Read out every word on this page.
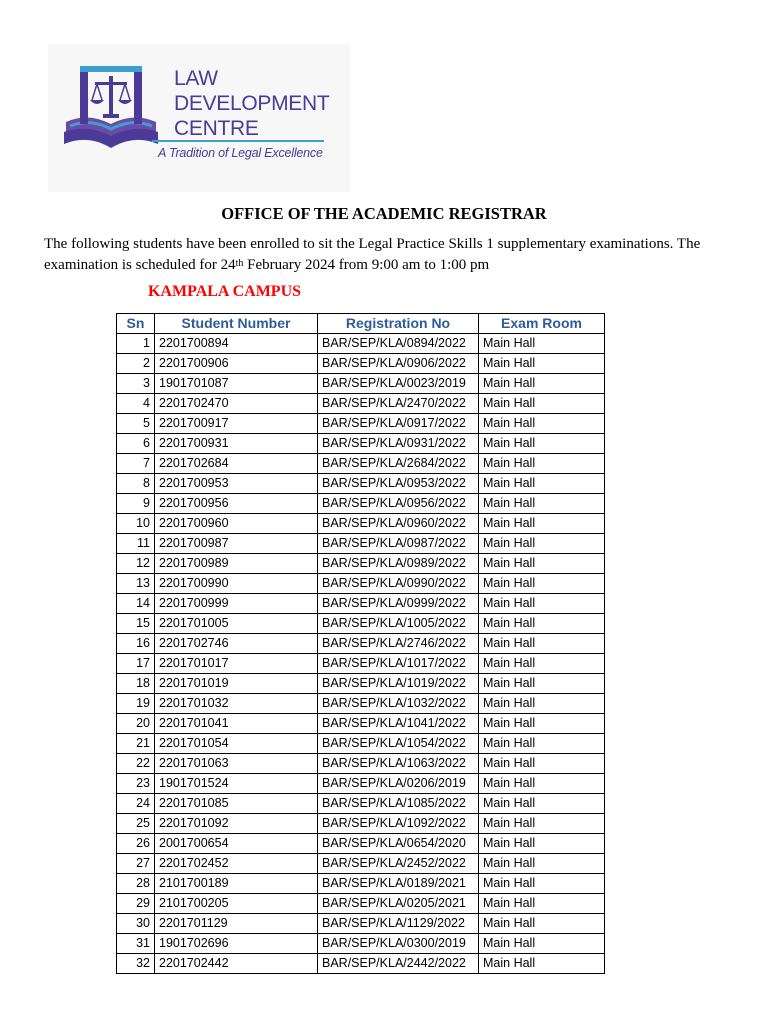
LAW
DEVELOPMENT
CENTRE
A Tradition of Legal Excellence
OFFICE OF THE ACADEMIC REGISTRAR
The following students have been enrolled to sit the Legal Practice Skills 1 supplementary examinations. The examination is scheduled for 24th February 2024 from 9:00 am to 1:00 pm
KAMPALA CAMPUS
Sn	Student Number	Registration No	Exam Room
1	2201700894	BAR/SEP/KLA/0894/2022	Main Hall
2	2201700906	BAR/SEP/KLA/0906/2022	Main Hall
3	1901701087	BAR/SEP/KLA/0023/2019	Main Hall
4	2201702470	BAR/SEP/KLA/2470/2022	Main Hall
5	2201700917	BAR/SEP/KLA/0917/2022	Main Hall
6	2201700931	BAR/SEP/KLA/0931/2022	Main Hall
7	2201702684	BAR/SEP/KLA/2684/2022	Main Hall
8	2201700953	BAR/SEP/KLA/0953/2022	Main Hall
9	2201700956	BAR/SEP/KLA/0956/2022	Main Hall
10	2201700960	BAR/SEP/KLA/0960/2022	Main Hall
11	2201700987	BAR/SEP/KLA/0987/2022	Main Hall
12	2201700989	BAR/SEP/KLA/0989/2022	Main Hall
13	2201700990	BAR/SEP/KLA/0990/2022	Main Hall
14	2201700999	BAR/SEP/KLA/0999/2022	Main Hall
15	2201701005	BAR/SEP/KLA/1005/2022	Main Hall
16	2201702746	BAR/SEP/KLA/2746/2022	Main Hall
17	2201701017	BAR/SEP/KLA/1017/2022	Main Hall
18	2201701019	BAR/SEP/KLA/1019/2022	Main Hall
19	2201701032	BAR/SEP/KLA/1032/2022	Main Hall
20	2201701041	BAR/SEP/KLA/1041/2022	Main Hall
21	2201701054	BAR/SEP/KLA/1054/2022	Main Hall
22	2201701063	BAR/SEP/KLA/1063/2022	Main Hall
23	1901701524	BAR/SEP/KLA/0206/2019	Main Hall
24	2201701085	BAR/SEP/KLA/1085/2022	Main Hall
25	2201701092	BAR/SEP/KLA/1092/2022	Main Hall
26	2001700654	BAR/SEP/KLA/0654/2020	Main Hall
27	2201702452	BAR/SEP/KLA/2452/2022	Main Hall
28	2101700189	BAR/SEP/KLA/0189/2021	Main Hall
29	2101700205	BAR/SEP/KLA/0205/2021	Main Hall
30	2201701129	BAR/SEP/KLA/1129/2022	Main Hall
31	1901702696	BAR/SEP/KLA/0300/2019	Main Hall
32	2201702442	BAR/SEP/KLA/2442/2022	Main Hall
